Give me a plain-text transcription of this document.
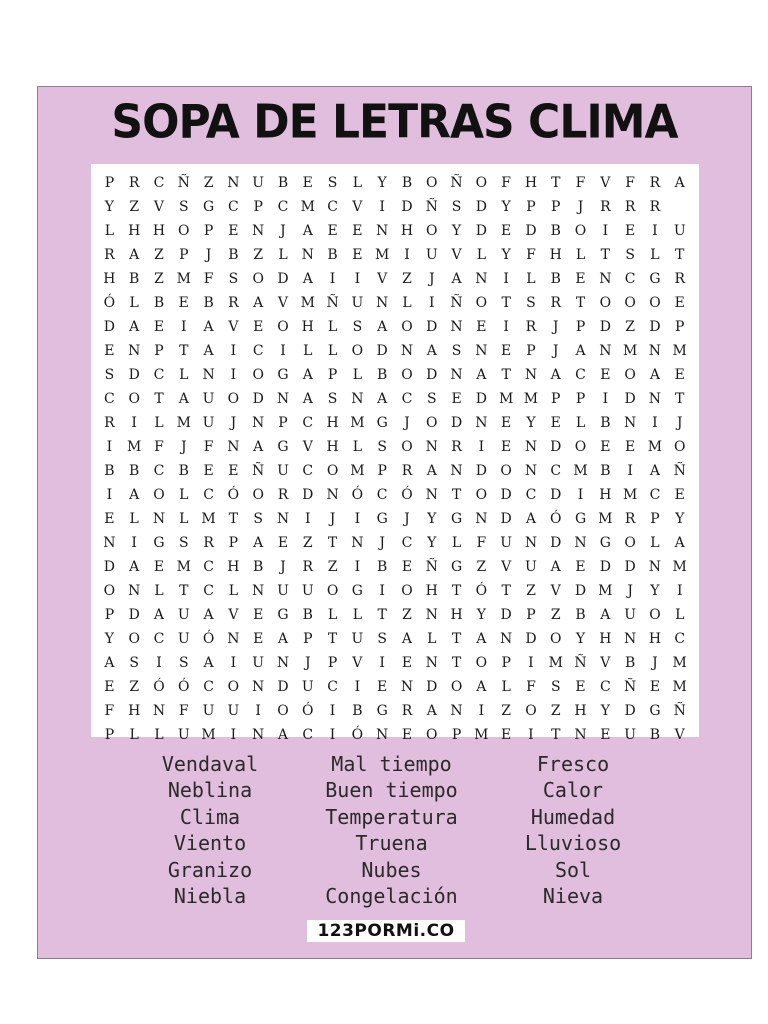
SOPA DE LETRAS CLIMA
P	R	C Ñ Z N U B	E	S	L	Y	B O Ñ O	F H	T	F	V	F	R	A
Y	Z	V	S	G C	P	C M C	V	I	D Ñ S	D	Y	P	P	J	R	R	R
L	H H O	P	E N	J	A	E	E N H O	Y	D	E	D	B O	I	E	I	U
R	A	Z	P	J	B	Z	L	N B	E M	I	U V	L	Y	F H	L	T	S	L	T
H B	Z M F	S	O D	A	I	I	V	Z	J	A N	I	L	B	E N C G R
Ó	L	B	E	B	R	A	V M Ñ U N	L	I	Ñ O	T	S	R	T	O O O E
D	A	E	I	A	V	E O H	L	S	A	O D N E	I	R	J	P	D	Z	D	P
E N P	T	A	I	C	I	L	L	O D N A	S N E	P	J	A N M N M
S	D C	L	N	I	O G	A	P	L	B O D N A	T	N A	C	E O A	E
C O	T	A U O D N A	S N A	C	S	E	D M M P	P	I	D N	T
R	I	L M U	J	N P	C H M G	J	O D N E	Y	E	L	B N	I	J
I	M F	J	F N A	G	V H	L	S	O N R	I	E N D O E	E M O
B	B	C	B	E	E Ñ U C O M P	R	A N D O N C M B	I	A Ñ
I	A	O	L	C Ó O R D N Ó C Ó N	T	O D C D	I	H M C	E
E	L	N	L M T	S N	I	J	I	G	J	Y	G N D	A	Ó G M R	P	Y
N	I	G	S	R	P	A	E	Z	T	N	J	C	Y	L	F	U N D N G O	L	A
D	A	E M C H B	J	R	Z	I	B	E Ñ G	Z	V U A	E	D D N M
O N	L	T	C	L	N U U O G	I	O H	T	Ó	T	Z	V	D M	J	Y	I
P	D	A U A	V	E	G	B	L	L	T	Z N H	Y	D	P	Z	B	A U O	L
Y	O C U Ó N E	A	P	T	U	S	A	L	T	A N D O	Y	H N H C
A	S	I	S	A	I	U N	J	P	V	I	E N	T	O	P	I	M Ñ V	B	J	M
E	Z	Ó Ó C O N D U C	I	E N D O A	L	F	S	E	C Ñ E M
F H N F	U U	I	O Ó	I	B	G R	A N	I	Z	O	Z H	Y	D G Ñ
P	L	L	U M	I	N A	C	I	Ó N E O	P M E	I	T	N E U B	V
Vendaval
Neblina
Clima
Viento
Granizo
Niebla
Mal tiempo
Buen tiempo
Temperatura
Truena
Nubes
Congelación
Fresco
Calor
Humedad
Lluvioso
Sol
Nieva
123PORMi.CO
